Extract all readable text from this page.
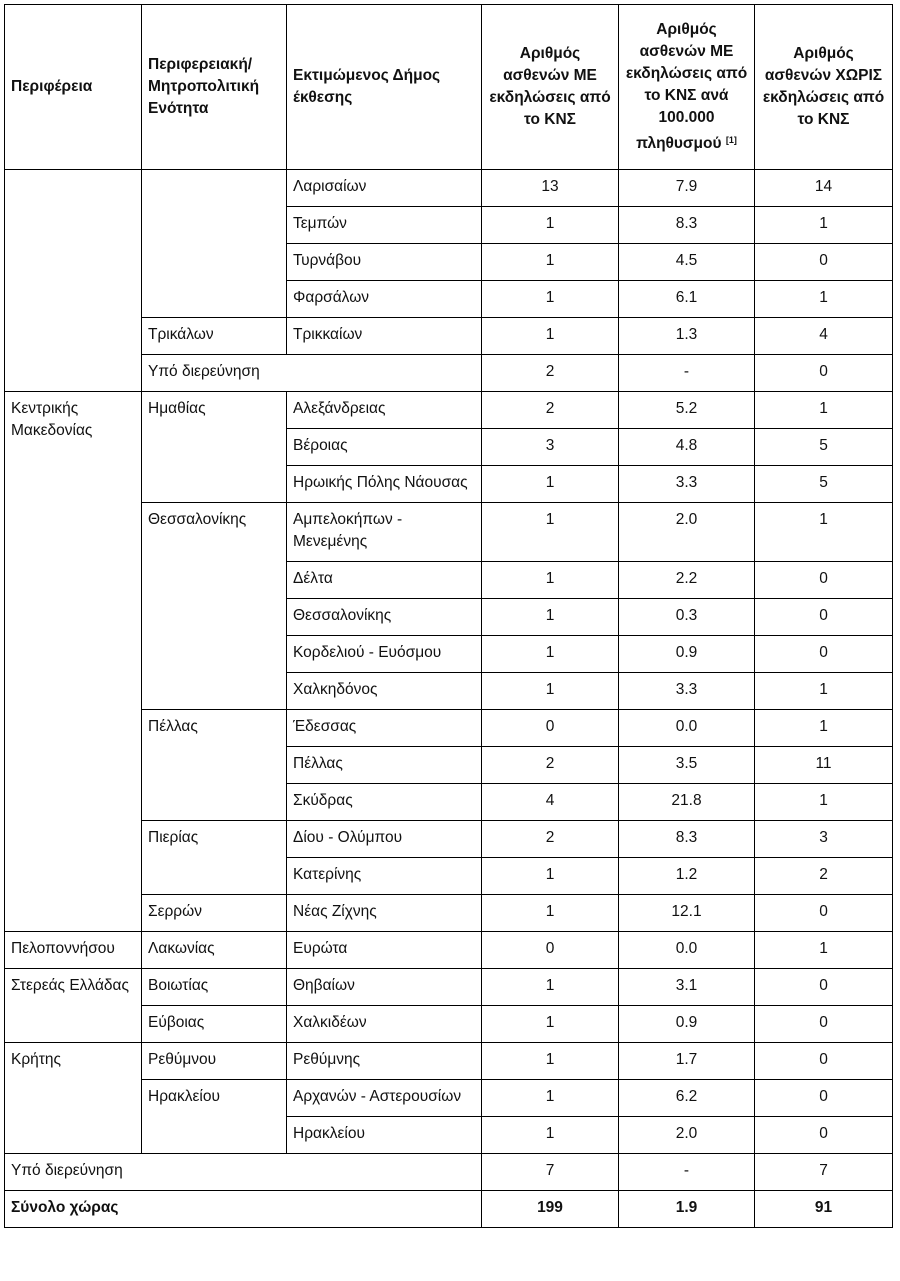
Περιφέρεια	Περιφερειακή/ Μητροπολιτική Ενότητα	Εκτιμώμενος Δήμος έκθεσης	Αριθμός ασθενών ΜΕ εκδηλώσεις από το ΚΝΣ	Αριθμός ασθενών ΜΕ εκδηλώσεις από το ΚΝΣ ανά 100.000 πληθυσμού [1]	Αριθμός ασθενών ΧΩΡΙΣ εκδηλώσεις από το ΚΝΣ
		Λαρισαίων	13	7.9	14
		Τεμπών	1	8.3	1
		Τυρνάβου	1	4.5	0
		Φαρσάλων	1	6.1	1
	Τρικάλων	Τρικκαίων	1	1.3	4
	Υπό διερεύνηση		2	-	0
Κεντρικής Μακεδονίας	Ημαθίας	Αλεξάνδρειας	2	5.2	1
		Βέροιας	3	4.8	5
		Ηρωικής Πόλης Νάουσας	1	3.3	5
	Θεσσαλονίκης	Αμπελοκήπων - Μενεμένης	1	2.0	1
		Δέλτα	1	2.2	0
		Θεσσαλονίκης	1	0.3	0
		Κορδελιού - Ευόσμου	1	0.9	0
		Χαλκηδόνος	1	3.3	1
	Πέλλας	Έδεσσας	0	0.0	1
		Πέλλας	2	3.5	11
		Σκύδρας	4	21.8	1
	Πιερίας	Δίου - Ολύμπου	2	8.3	3
		Κατερίνης	1	1.2	2
	Σερρών	Νέας Ζίχνης	1	12.1	0
Πελοποννήσου	Λακωνίας	Ευρώτα	0	0.0	1
Στερεάς Ελλάδας	Βοιωτίας	Θηβαίων	1	3.1	0
	Εύβοιας	Χαλκιδέων	1	0.9	0
Κρήτης	Ρεθύμνου	Ρεθύμνης	1	1.7	0
	Ηρακλείου	Αρχανών - Αστερουσίων	1	6.2	0
		Ηρακλείου	1	2.0	0
Υπό διερεύνηση			7	-	7
Σύνολο χώρας			199	1.9	91
